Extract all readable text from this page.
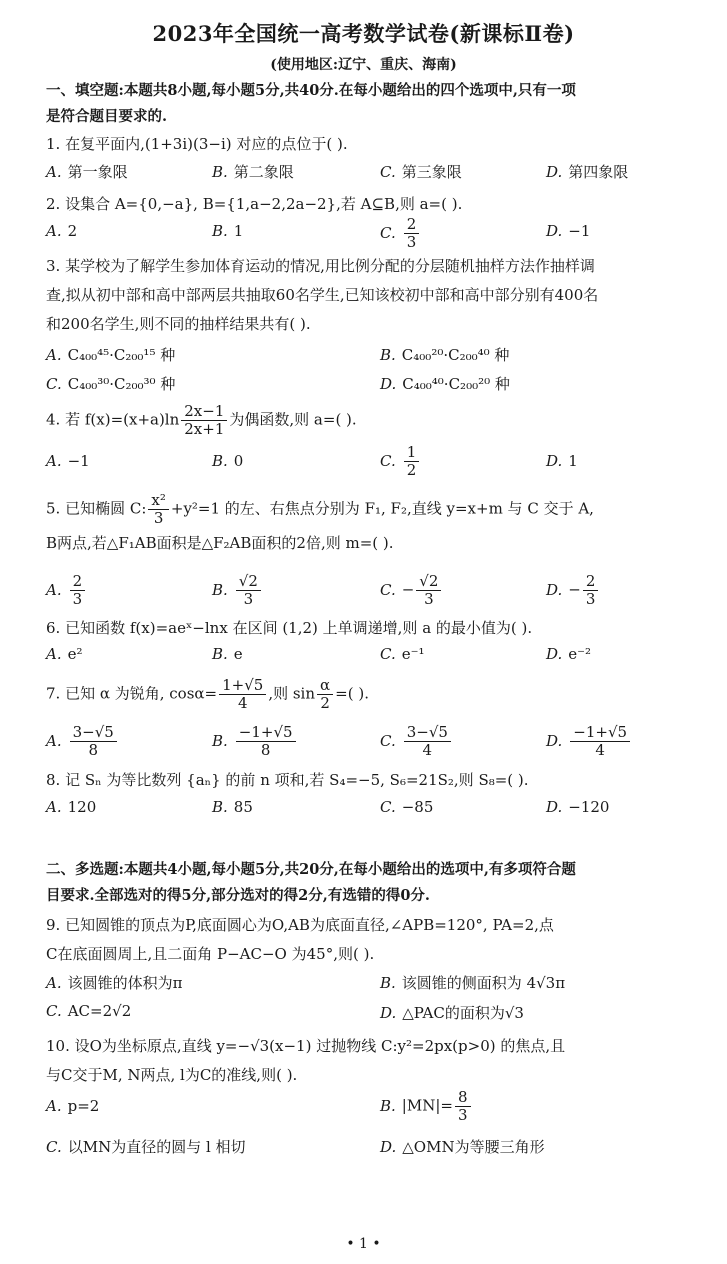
2023年全国统一高考数学试卷(新课标Ⅱ卷)
(使用地区:辽宁、重庆、海南)
一、填空题:本题共8小题,每小题5分,共40分.在每小题给出的四个选项中,只有一项
是符合题目要求的.
1. 在复平面内,(1+3i)(3−i) 对应的点位于( ).
A. 第一象限	B. 第二象限	C. 第三象限	D. 第四象限
2. 设集合 A={0,−a}, B={1,a−2,2a−2},若 A⊆B,则 a=( ).
A. 2	B. 1	C. $\frac{2}{3}$	D. −1
3. 某学校为了解学生参加体育运动的情况,用比例分配的分层随机抽样方法作抽样调
查,拟从初中部和高中部两层共抽取60名学生,已知该校初中部和高中部分别有400名
和200名学生,则不同的抽样结果共有( ).
A. C₄₀₀⁴⁵·C₂₀₀¹⁵ 种	B. C₄₀₀²⁰·C₂₀₀⁴⁰ 种
C. C₄₀₀³⁰·C₂₀₀³⁰ 种	D. C₄₀₀⁴⁰·C₂₀₀²⁰ 种
4. 若 $f(x)=(x+a)\ln \frac{2x-1}{2x+1}$ 为偶函数,则 a=( ).
A. −1	B. 0	C. $\frac{1}{2}$	D. 1
5. 已知椭圆 C: $\frac{\text{x²}}{3} +y^2=1$ 的左、右焦点分别为 F₁, F₂,直线 y=x+m 与 C 交于 A,
B两点,若△F₁AB面积是△F₂AB面积的2倍,则 m=( ).
A. $\frac{2}{3}$	B. $\frac{√2}{3}$	C. − $\frac{√2}{3}$	D. − $\frac{2}{3}$
6. 已知函数 f(x)=aeˣ−lnx 在区间 (1,2) 上单调递增,则 a 的最小值为( ).
A. e²	B. e	C. e⁻¹	D. e⁻²
7. 已知 α 为锐角, $\cos\alpha= \frac{1+√5}{4}$ ,则 $\sin \frac{\alpha}{2}$ =( ).
A. $\frac{3-√5}{8}$	B. $\frac{-1+√5}{8}$	C. $\frac{3-√5}{4}$	D. $\frac{-1+√5}{4}$
8. 记 Sₙ 为等比数列 {aₙ} 的前 n 项和,若 S₄=−5, S₆=21S₂,则 S₈=( ).
A. 120	B. 85	C. −85	D. −120
二、多选题:本题共4小题,每小题5分,共20分,在每小题给出的选项中,有多项符合题
目要求.全部选对的得5分,部分选对的得2分,有选错的得0分.
9. 已知圆锥的顶点为P,底面圆心为O,AB为底面直径,∠APB=120°, PA=2,点
C在底面圆周上,且二面角 P−AC−O 为45°,则( ).
A. 该圆锥的体积为π	B. 该圆锥的侧面积为 4√3π
C. AC=2√2	D. △PAC的面积为√3
10. 设O为坐标原点,直线 y=−√3(x−1) 过抛物线 C:y²=2px(p>0) 的焦点,且
与C交于M, N两点, l为C的准线,则( ).
A. p=2	B. $|MN|= \frac{8}{3}$
C. 以MN为直径的圆与 l 相切	D. △OMN为等腰三角形
• 1 •
